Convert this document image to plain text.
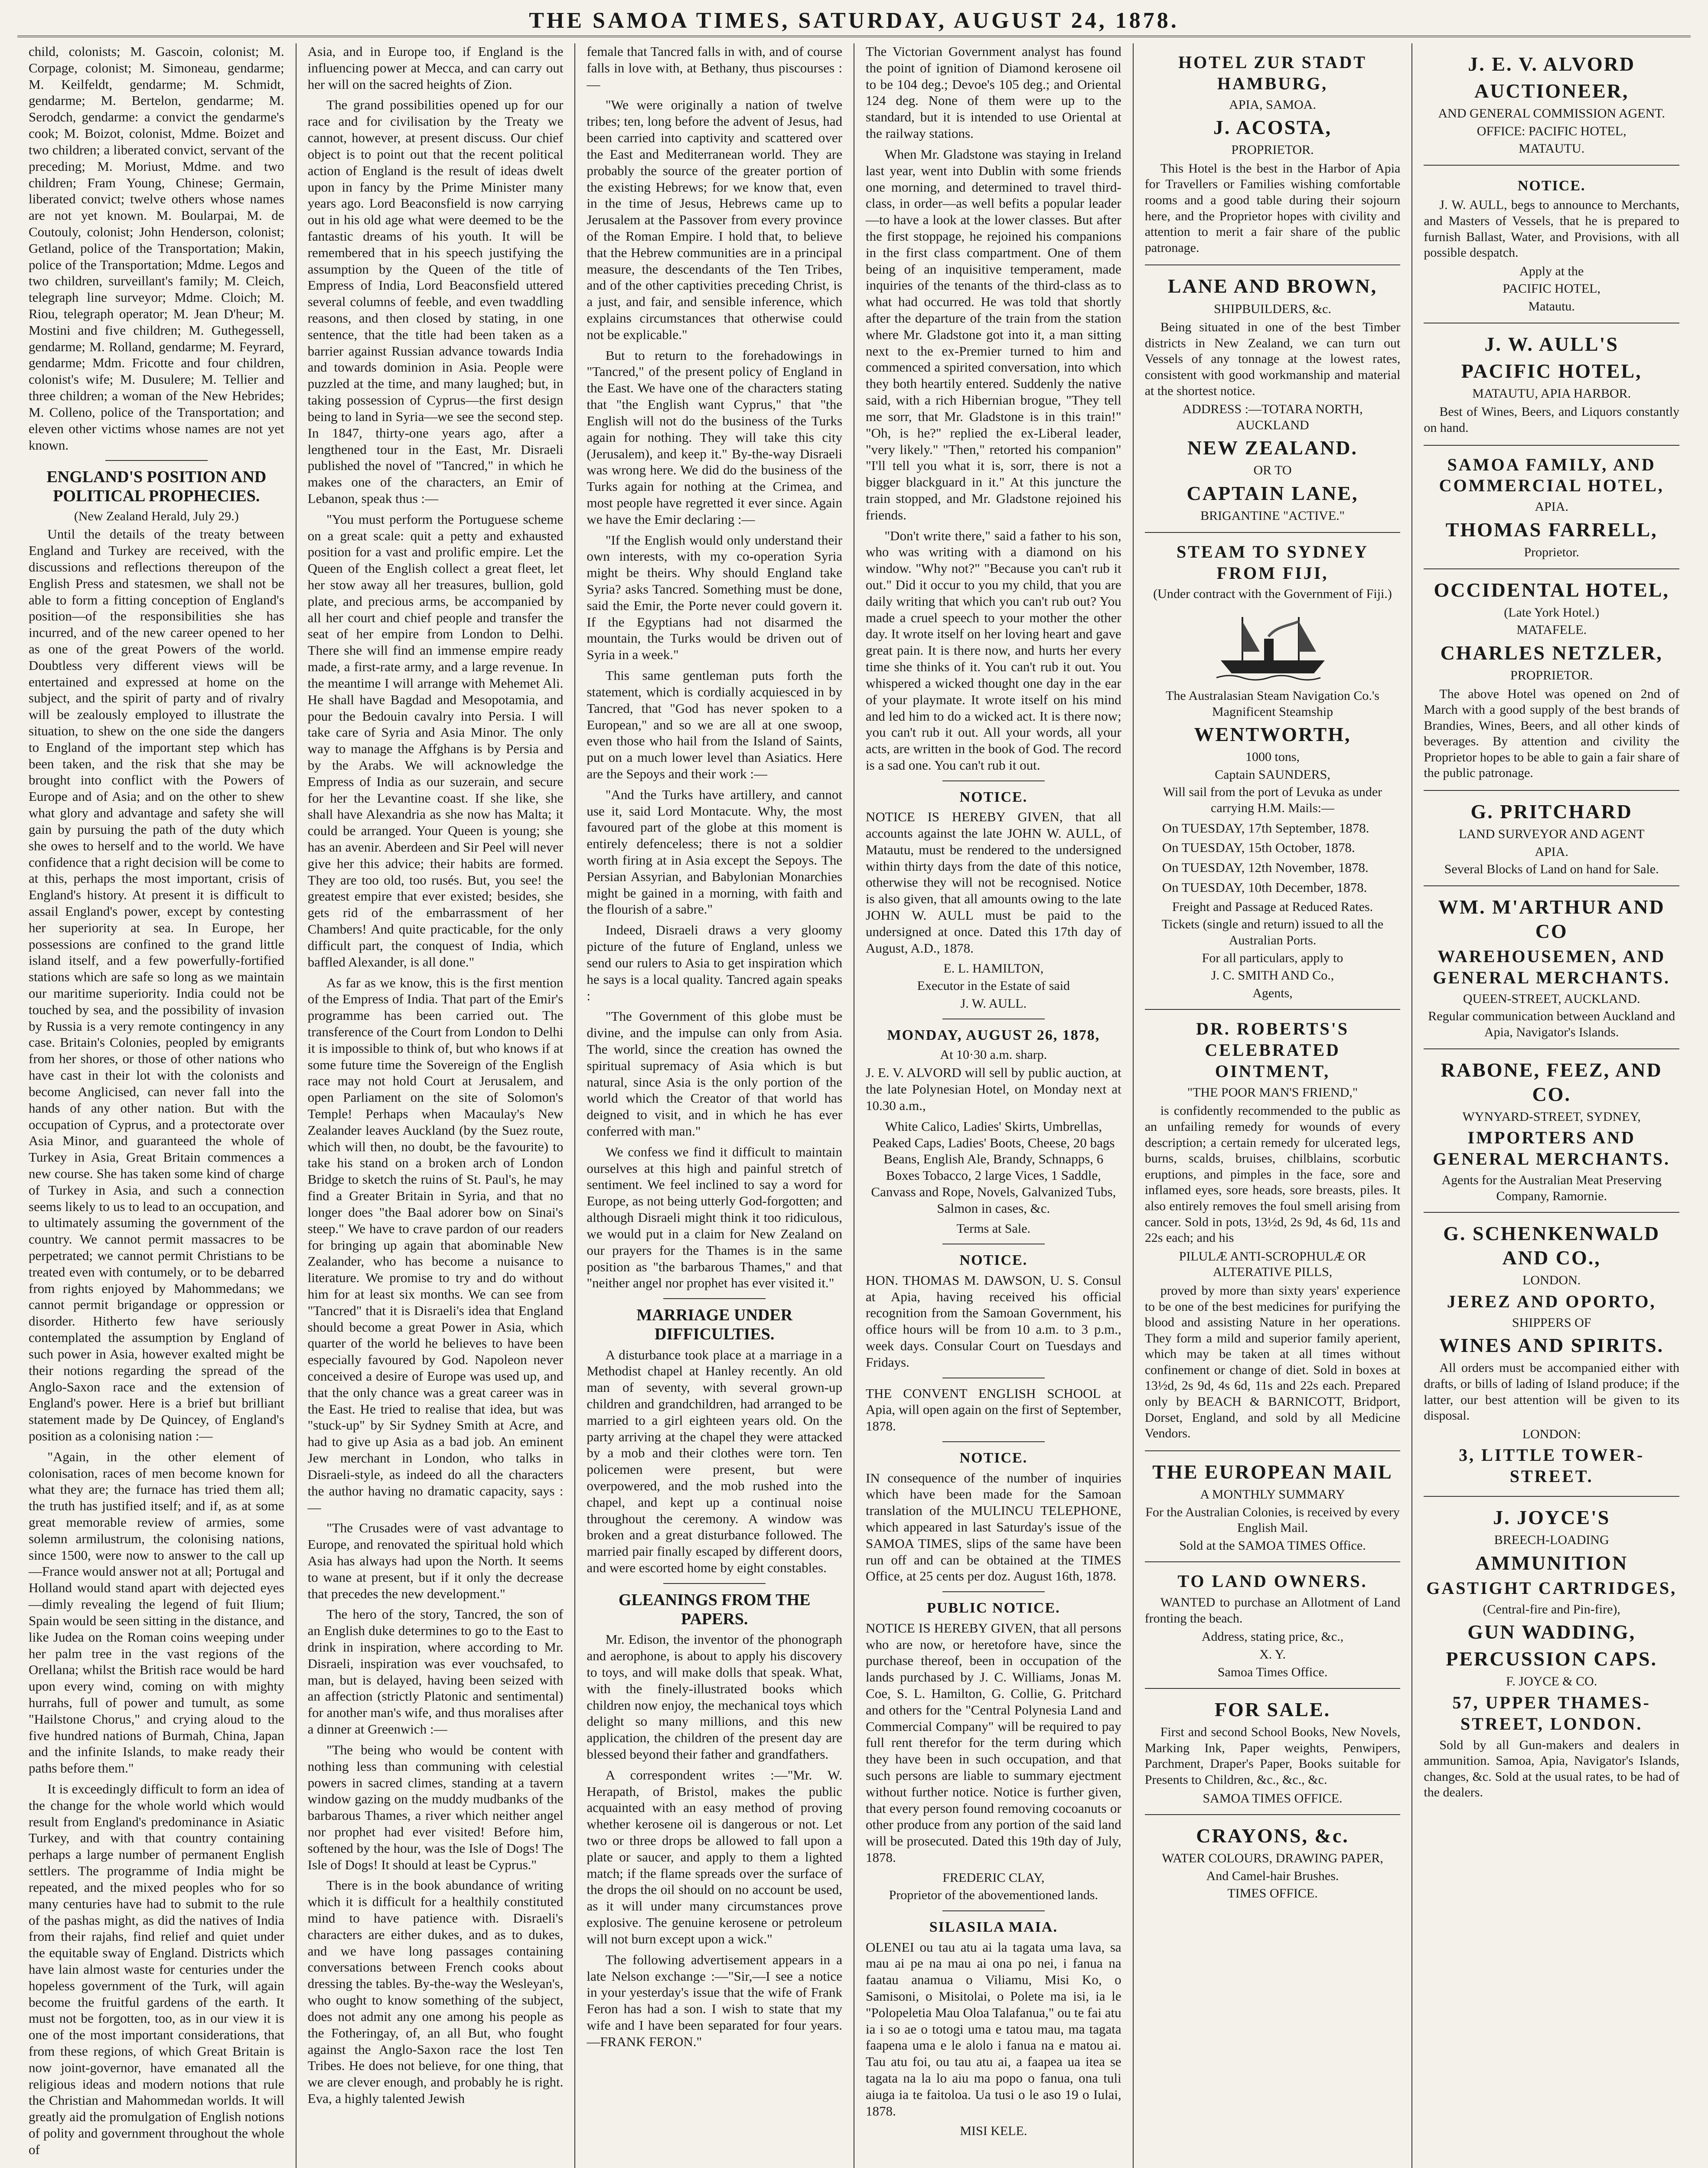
THE SAMOA TIMES, SATURDAY, AUGUST 24, 1878.

child, colonists; M. Gascoin, colonist; M. Corpage, colonist; M. Simoneau, gendarme; M. Keilfeldt, gendarme; M. Schmidt, gendarme; M. Bertelon, gendarme; M. Serodch, gendarme: a convict the gendarme's cook; M. Boizot, colonist, Mdme. Boizet and two children; a liberated convict, servant of the preceding; M. Moriust, Mdme. and two children; Fram Young, Chinese; Germain, liberated convict; twelve others whose names are not yet known. M. Boularpai, M. de Coutouly, colonist; John Henderson, colonist; Getland, police of the Transportation; Makin, police of the Transportation; Mdme. Legos and two children, surveillant's family; M. Cleich, telegraph line surveyor; Mdme. Cloich; M. Riou, telegraph operator; M. Jean D'heur; M. Mostini and five children; M. Guthegessell, gendarme; M. Rolland, gendarme; M. Feyrard, gendarme; Mdm. Fricotte and four children, colonist's wife; M. Dusulere; M. Tellier and three children; a woman of the New Hebrides; M. Colleno, police of the Transportation; and eleven other victims whose names are not yet known.

ENGLAND'S POSITION AND POLITICAL PROPHECIES.
(New Zealand Herald, July 29.)

Until the details of the treaty between England and Turkey are received, with the discussions and reflections thereupon of the English Press and statesmen, we shall not be able to form a fitting conception of England's position—of the responsibilities she has incurred, and of the new career opened to her as one of the great Powers of the world. Doubtless very different views will be entertained and expressed at home on the subject, and the spirit of party and of rivalry will be zealously employed to illustrate the situation, to shew on the one side the dangers to England of the important step which has been taken, and the risk that she may be brought into conflict with the Powers of Europe and of Asia; and on the other to shew what glory and advantage and safety she will gain by pursuing the path of the duty which she owes to herself and to the world. We have confidence that a right decision will be come to at this, perhaps the most important, crisis of England's history. At present it is difficult to assail England's power, except by contesting her superiority at sea. In Europe, her possessions are confined to the grand little island itself, and a few powerfully-fortified stations which are safe so long as we maintain our maritime superiority. India could not be touched by sea, and the possibility of invasion by Russia is a very remote contingency in any case. Britain's Colonies, peopled by emigrants from her shores, or those of other nations who have cast in their lot with the colonists and become Anglicised, can never fall into the hands of any other nation. But with the occupation of Cyprus, and a protectorate over Asia Minor, and guaranteed the whole of Turkey in Asia, Great Britain commences a new course. She has taken some kind of charge of Turkey in Asia, and such a connection seems likely to us to lead to an occupation, and to ultimately assuming the government of the country. We cannot permit massacres to be perpetrated; we cannot permit Christians to be treated even with contumely, or to be debarred from rights enjoyed by Mahommedans; we cannot permit brigandage or oppression or disorder. Hitherto few have seriously contemplated the assumption by England of such power in Asia, however exalted might be their notions regarding the spread of the Anglo-Saxon race and the extension of England's power. Here is a brief but brilliant statement made by De Quincey, of England's position as a colonising nation :—

"Again, in the other element of colonisation, races of men become known for what they are; the furnace has tried them all; the truth has justified itself; and if, as at some great memorable review of armies, some solemn armilustrum, the colonising nations, since 1500, were now to answer to the call up—France would answer not at all; Portugal and Holland would stand apart with dejected eyes—dimly revealing the legend of fuit Ilium; Spain would be seen sitting in the distance, and like Judea on the Roman coins weeping under her palm tree in the vast regions of the Orellana; whilst the British race would be hard upon every wind, coming on with mighty hurrahs, full of power and tumult, as some "Hailstone Chorus," and crying aloud to the five hundred nations of Burmah, China, Japan and the infinite Islands, to make ready their paths before them."

It is exceedingly difficult to form an idea of the change for the whole world which would result from England's predominance in Asiatic Turkey, and with that country containing perhaps a large number of permanent English settlers. The programme of India might be repeated, and the mixed peoples who for so many centuries have had to submit to the rule of the pashas might, as did the natives of India from their rajahs, find relief and quiet under the equitable sway of England. Districts which have lain almost waste for centuries under the hopeless government of the Turk, will again become the fruitful gardens of the earth. It must not be forgotten, too, as in our view it is one of the most important considerations, that from these regions, of which Great Britain is now joint-governor, have emanated all the religious ideas and modern notions that rule the Christian and Mahommedan worlds. It will greatly aid the promulgation of English notions of polity and government throughout the whole of

Asia, and in Europe too, if England is the influencing power at Mecca, and can carry out her will on the sacred heights of Zion.

The grand possibilities opened up for our race and for civilisation by the Treaty we cannot, however, at present discuss. Our chief object is to point out that the recent political action of England is the result of ideas dwelt upon in fancy by the Prime Minister many years ago. Lord Beaconsfield is now carrying out in his old age what were deemed to be the fantastic dreams of his youth. It will be remembered that in his speech justifying the assumption by the Queen of the title of Empress of India, Lord Beaconsfield uttered several columns of feeble, and even twaddling reasons, and then closed by stating, in one sentence, that the title had been taken as a barrier against Russian advance towards India and towards dominion in Asia. People were puzzled at the time, and many laughed; but, in taking possession of Cyprus—the first design being to land in Syria—we see the second step. In 1847, thirty-one years ago, after a lengthened tour in the East, Mr. Disraeli published the novel of "Tancred," in which he makes one of the characters, an Emir of Lebanon, speak thus :—

"You must perform the Portuguese scheme on a great scale: quit a petty and exhausted position for a vast and prolific empire. Let the Queen of the English collect a great fleet, let her stow away all her treasures, bullion, gold plate, and precious arms, be accompanied by all her court and chief people and transfer the seat of her empire from London to Delhi. There she will find an immense empire ready made, a first-rate army, and a large revenue. In the meantime I will arrange with Mehemet Ali. He shall have Bagdad and Mesopotamia, and pour the Bedouin cavalry into Persia. I will take care of Syria and Asia Minor. The only way to manage the Affghans is by Persia and by the Arabs. We will acknowledge the Empress of India as our suzerain, and secure for her the Levantine coast. If she like, she shall have Alexandria as she now has Malta; it could be arranged. Your Queen is young; she has an avenir. Aberdeen and Sir Peel will never give her this advice; their habits are formed. They are too old, too rusés. But, you see! the greatest empire that ever existed; besides, she gets rid of the embarrassment of her Chambers! And quite practicable, for the only difficult part, the conquest of India, which baffled Alexander, is all done."

As far as we know, this is the first mention of the Empress of India. That part of the Emir's programme has been carried out. The transference of the Court from London to Delhi it is impossible to think of, but who knows if at some future time the Sovereign of the English race may not hold Court at Jerusalem, and open Parliament on the site of Solomon's Temple! Perhaps when Macaulay's New Zealander leaves Auckland (by the Suez route, which will then, no doubt, be the favourite) to take his stand on a broken arch of London Bridge to sketch the ruins of St. Paul's, he may find a Greater Britain in Syria, and that no longer does "the Baal adorer bow on Sinai's steep." We have to crave pardon of our readers for bringing up again that abominable New Zealander, who has become a nuisance to literature. We promise to try and do without him for at least six months. We can see from "Tancred" that it is Disraeli's idea that England should become a great Power in Asia, which quarter of the world he believes to have been especially favoured by God. Napoleon never conceived a desire of Europe was used up, and that the only chance was a great career was in the East. He tried to realise that idea, but was "stuck-up" by Sir Sydney Smith at Acre, and had to give up Asia as a bad job. An eminent Jew merchant in London, who talks in Disraeli-style, as indeed do all the characters the author having no dramatic capacity, says :—

"The Crusades were of vast advantage to Europe, and renovated the spiritual hold which Asia has always had upon the North. It seems to wane at present, but if it only the decrease that precedes the new development."

The hero of the story, Tancred, the son of an English duke determines to go to the East to drink in inspiration, where according to Mr. Disraeli, inspiration was ever vouchsafed, to man, but is delayed, having been seized with an affection (strictly Platonic and sentimental) for another man's wife, and thus moralises after a dinner at Greenwich :—

"The being who would be content with nothing less than communing with celestial powers in sacred climes, standing at a tavern window gazing on the muddy mudbanks of the barbarous Thames, a river which neither angel nor prophet had ever visited! Before him, softened by the hour, was the Isle of Dogs! The Isle of Dogs! It should at least be Cyprus."

There is in the book abundance of writing which it is difficult for a healthily constituted mind to have patience with. Disraeli's characters are either dukes, and as to dukes, and we have long passages containing conversations between French cooks about dressing the tables. By-the-way the Wesleyan's, who ought to know something of the subject, does not admit any one among his people as the Fotheringay, of, an all But, who fought against the Anglo-Saxon race the lost Ten Tribes. He does not believe, for one thing, that we are clever enough, and probably he is right. Eva, a highly talented Jewish

female that Tancred falls in with, and of course falls in love with, at Bethany, thus piscourses :—

"We were originally a nation of twelve tribes; ten, long before the advent of Jesus, had been carried into captivity and scattered over the East and Mediterranean world. They are probably the source of the greater portion of the existing Hebrews; for we know that, even in the time of Jesus, Hebrews came up to Jerusalem at the Passover from every province of the Roman Empire. I hold that, to believe that the Hebrew communities are in a principal measure, the descendants of the Ten Tribes, and of the other captivities preceding Christ, is a just, and fair, and sensible inference, which explains circumstances that otherwise could not be explicable."

But to return to the forehadowings in "Tancred," of the present policy of England in the East. We have one of the characters stating that "the English want Cyprus," that "the English will not do the business of the Turks again for nothing. They will take this city (Jerusalem), and keep it." By-the-way Disraeli was wrong here. We did do the business of the Turks again for nothing at the Crimea, and most people have regretted it ever since. Again we have the Emir declaring :—

"If the English would only understand their own interests, with my co-operation Syria might be theirs. Why should England take Syria? asks Tancred. Something must be done, said the Emir, the Porte never could govern it. If the Egyptians had not disarmed the mountain, the Turks would be driven out of Syria in a week."

This same gentleman puts forth the statement, which is cordially acquiesced in by Tancred, that "God has never spoken to a European," and so we are all at one swoop, even those who hail from the Island of Saints, put on a much lower level than Asiatics. Here are the Sepoys and their work :—

"And the Turks have artillery, and cannot use it, said Lord Montacute. Why, the most favoured part of the globe at this moment is entirely defenceless; there is not a soldier worth firing at in Asia except the Sepoys. The Persian Assyrian, and Babylonian Monarchies might be gained in a morning, with faith and the flourish of a sabre."

Indeed, Disraeli draws a very gloomy picture of the future of England, unless we send our rulers to Asia to get inspiration which he says is a local quality. Tancred again speaks :

"The Government of this globe must be divine, and the impulse can only from Asia. The world, since the creation has owned the spiritual supremacy of Asia which is but natural, since Asia is the only portion of the world which the Creator of that world has deigned to visit, and in which he has ever conferred with man."

We confess we find it difficult to maintain ourselves at this high and painful stretch of sentiment. We feel inclined to say a word for Europe, as not being utterly God-forgotten; and although Disraeli might think it too ridiculous, we would put in a claim for New Zealand on our prayers for the Thames is in the same position as "the barbarous Thames," and that "neither angel nor prophet has ever visited it."

MARRIAGE UNDER DIFFICULTIES.

A disturbance took place at a marriage in a Methodist chapel at Hanley recently. An old man of seventy, with several grown-up children and grandchildren, had arranged to be married to a girl eighteen years old. On the party arriving at the chapel they were attacked by a mob and their clothes were torn. Ten policemen were present, but were overpowered, and the mob rushed into the chapel, and kept up a continual noise throughout the ceremony. A window was broken and a great disturbance followed. The married pair finally escaped by different doors, and were escorted home by eight constables.

GLEANINGS FROM THE PAPERS.

Mr. Edison, the inventor of the phonograph and aerophone, is about to apply his discovery to toys, and will make dolls that speak. What, with the finely-illustrated books which children now enjoy, the mechanical toys which delight so many millions, and this new application, the children of the present day are blessed beyond their father and grandfathers.

A correspondent writes :—"Mr. W. Herapath, of Bristol, makes the public acquainted with an easy method of proving whether kerosene oil is dangerous or not. Let two or three drops be allowed to fall upon a plate or saucer, and apply to them a lighted match; if the flame spreads over the surface of the drops the oil should on no account be used, as it will under many circumstances prove explosive. The genuine kerosene or petroleum will not burn except upon a wick."

The following advertisement appears in a late Nelson exchange :—"Sir,—I see a notice in your yesterday's issue that the wife of Frank Feron has had a son. I wish to state that my wife and I have been separated for four years.—FRANK FERON."

The Victorian Government analyst has found the point of ignition of Diamond kerosene oil to be 104 deg.; Devoe's 105 deg.; and Oriental 124 deg. None of them were up to the standard, but it is intended to use Oriental at the railway stations.

When Mr. Gladstone was staying in Ireland last year, went into Dublin with some friends one morning, and determined to travel third-class, in order—as well befits a popular leader—to have a look at the lower classes. But after the first stoppage, he rejoined his companions in the first class compartment. One of them being of an inquisitive temperament, made inquiries of the tenants of the third-class as to what had occurred. He was told that shortly after the departure of the train from the station where Mr. Gladstone got into it, a man sitting next to the ex-Premier turned to him and commenced a spirited conversation, into which they both heartily entered. Suddenly the native said, with a rich Hibernian brogue, "They tell me sorr, that Mr. Gladstone is in this train!" "Oh, is he?" replied the ex-Liberal leader, "very likely." "Then," retorted his companion" "I'll tell you what it is, sorr, there is not a bigger blackguard in it." At this juncture the train stopped, and Mr. Gladstone rejoined his friends.

"Don't write there," said a father to his son, who was writing with a diamond on his window. "Why not?" "Because you can't rub it out." Did it occur to you my child, that you are daily writing that which you can't rub out? You made a cruel speech to your mother the other day. It wrote itself on her loving heart and gave great pain. It is there now, and hurts her every time she thinks of it. You can't rub it out. You whispered a wicked thought one day in the ear of your playmate. It wrote itself on his mind and led him to do a wicked act. It is there now; you can't rub it out. All your words, all your acts, are written in the book of God. The record is a sad one. You can't rub it out.

NOTICE.

NOTICE IS HEREBY GIVEN, that all accounts against the late JOHN W. AULL, of Matautu, must be rendered to the undersigned within thirty days from the date of this notice, otherwise they will not be recognised. Notice is also given, that all amounts owing to the late JOHN W. AULL must be paid to the undersigned at once. Dated this 17th day of August, A.D., 1878.

E. L. HAMILTON,
Executor in the Estate of said
J. W. AULL.
MONDAY, AUGUST 26, 1878,
At 10·30 a.m. sharp.

J. E. V. ALVORD will sell by public auction, at the late Polynesian Hotel, on Monday next at 10.30 a.m.,

White Calico, Ladies' Skirts, Umbrellas, Peaked Caps, Ladies' Boots, Cheese, 20 bags Beans, English Ale, Brandy, Schnapps, 6 Boxes Tobacco, 2 large Vices, 1 Saddle, Canvass and Rope, Novels, Galvanized Tubs, Salmon in cases, &c.

Terms at Sale.
NOTICE.

HON. THOMAS M. DAWSON, U. S. Consul at Apia, having received his official recognition from the Samoan Government, his office hours will be from 10 a.m. to 3 p.m., week days. Consular Court on Tuesdays and Fridays.

THE CONVENT ENGLISH SCHOOL at Apia, will open again on the first of September, 1878.

NOTICE.

IN consequence of the number of inquiries which have been made for the Samoan translation of the MULINCU TELEPHONE, which appeared in last Saturday's issue of the SAMOA TIMES, slips of the same have been run off and can be obtained at the TIMES Office, at 25 cents per doz. August 16th, 1878.

PUBLIC NOTICE.

NOTICE IS HEREBY GIVEN, that all persons who are now, or heretofore have, since the purchase thereof, been in occupation of the lands purchased by J. C. Williams, Jonas M. Coe, S. L. Hamilton, G. Collie, G. Pritchard and others for the "Central Polynesia Land and Commercial Company" will be required to pay full rent therefor for the term during which they have been in such occupation, and that such persons are liable to summary ejectment without further notice. Notice is further given, that every person found removing cocoanuts or other produce from any portion of the said land will be prosecuted. Dated this 19th day of July, 1878.

FREDERIC CLAY,
Proprietor of the abovementioned lands.
SILASILA MAIA.

OLENEI ou tau atu ai la tagata uma lava, sa mau ai pe na mau ai ona po nei, i fanua na faatau anamua o Viliamu, Misi Ko, o Samisoni, o Misitolai, o Polete ma isi, ia le "Polopeletia Mau Oloa Talafanua," ou te fai atu ia i so ae o totogi uma e tatou mau, ma tagata faapena uma e le alolo i fanua na e matou ai. Tau atu foi, ou tau atu ai, a faapea ua itea se tagata na la lo aiu ma popo o fanua, ona tuli aiuga ia te faitoloa. Ua tusi o le aso 19 o Iulai, 1878.

MISI KELE.
HOTEL ZUR STADT HAMBURG,
APIA, SAMOA.
J. ACOSTA,
PROPRIETOR.
This Hotel is the best in the Harbor of Apia for Travellers or Families wishing comfortable rooms and a good table during their sojourn here, and the Proprietor hopes with civility and attention to merit a fair share of the public patronage.
LANE AND BROWN,
SHIPBUILDERS, &c.
Being situated in one of the best Timber districts in New Zealand, we can turn out Vessels of any tonnage at the lowest rates, consistent with good workmanship and material at the shortest notice.
ADDRESS :—TOTARA NORTH, AUCKLAND
NEW ZEALAND.
OR TO
CAPTAIN LANE,
BRIGANTINE "ACTIVE."
STEAM TO SYDNEY FROM FIJI,
(Under contract with the Government of Fiji.)
The Australasian Steam Navigation Co.'s Magnificent Steamship
WENTWORTH,
1000 tons,
Captain SAUNDERS,
Will sail from the port of Levuka as under carrying H.M. Mails:—

On TUESDAY, 17th September, 1878.

On TUESDAY, 15th October, 1878.

On TUESDAY, 12th November, 1878.

On TUESDAY, 10th December, 1878.

Freight and Passage at Reduced Rates.
Tickets (single and return) issued to all the Australian Ports.
For all particulars, apply to
J. C. SMITH AND Co.,
Agents,
DR. ROBERTS'S CELEBRATED OINTMENT,
"THE POOR MAN'S FRIEND,"
is confidently recommended to the public as an unfailing remedy for wounds of every description; a certain remedy for ulcerated legs, burns, scalds, bruises, chilblains, scorbutic eruptions, and pimples in the face, sore and inflamed eyes, sore heads, sore breasts, piles. It also entirely removes the foul smell arising from cancer. Sold in pots, 13½d, 2s 9d, 4s 6d, 11s and 22s each; and his
PILULÆ ANTI-SCROPHULÆ OR ALTERATIVE PILLS,
proved by more than sixty years' experience to be one of the best medicines for purifying the blood and assisting Nature in her operations. They form a mild and superior family aperient, which may be taken at all times without confinement or change of diet. Sold in boxes at 13½d, 2s 9d, 4s 6d, 11s and 22s each. Prepared only by BEACH & BARNICOTT, Bridport, Dorset, England, and sold by all Medicine Vendors.
THE EUROPEAN MAIL
A MONTHLY SUMMARY
For the Australian Colonies, is received by every English Mail.
Sold at the SAMOA TIMES Office.
TO LAND OWNERS.
WANTED to purchase an Allotment of Land fronting the beach.
Address, stating price, &c.,
X. Y.
Samoa Times Office.
FOR SALE.
First and second School Books, New Novels, Marking Ink, Paper weights, Penwipers, Parchment, Draper's Paper, Books suitable for Presents to Children, &c., &c., &c.
SAMOA TIMES OFFICE.
CRAYONS, &c.
WATER COLOURS, DRAWING PAPER,
And Camel-hair Brushes.
TIMES OFFICE.
J. E. V. ALVORD
AUCTIONEER,
AND GENERAL COMMISSION AGENT.
OFFICE: PACIFIC HOTEL,
MATAUTU.
NOTICE.
J. W. AULL, begs to announce to Merchants, and Masters of Vessels, that he is prepared to furnish Ballast, Water, and Provisions, with all possible despatch.
Apply at the
PACIFIC HOTEL,
Matautu.
J. W. AULL'S
PACIFIC HOTEL,
MATAUTU, APIA HARBOR.
Best of Wines, Beers, and Liquors constantly on hand.
SAMOA FAMILY, AND COMMERCIAL HOTEL,
APIA.
THOMAS FARRELL,
Proprietor.
OCCIDENTAL HOTEL,
(Late York Hotel.)
MATAFELE.
CHARLES NETZLER,
PROPRIETOR.
The above Hotel was opened on 2nd of March with a good supply of the best brands of Brandies, Wines, Beers, and all other kinds of beverages. By attention and civility the Proprietor hopes to be able to gain a fair share of the public patronage.
G. PRITCHARD
LAND SURVEYOR AND AGENT
APIA.
Several Blocks of Land on hand for Sale.
WM. M'ARTHUR AND CO
WAREHOUSEMEN, AND GENERAL MERCHANTS.
QUEEN-STREET, AUCKLAND.
Regular communication between Auckland and Apia, Navigator's Islands.
RABONE, FEEZ, AND CO.
WYNYARD-STREET, SYDNEY,
IMPORTERS AND GENERAL MERCHANTS.
Agents for the Australian Meat Preserving Company, Ramornie.
G. SCHENKENWALD AND CO.,
LONDON.
JEREZ AND OPORTO,
SHIPPERS OF
WINES AND SPIRITS.
All orders must be accompanied either with drafts, or bills of lading of Island produce; if the latter, our best attention will be given to its disposal.
LONDON:
3, LITTLE TOWER-STREET.
J. JOYCE'S
BREECH-LOADING
AMMUNITION
GASTIGHT CARTRIDGES,
(Central-fire and Pin-fire),
GUN WADDING,
PERCUSSION CAPS.
F. JOYCE & CO.
57, UPPER THAMES-STREET, LONDON.
Sold by all Gun-makers and dealers in ammunition. Samoa, Apia, Navigator's Islands, changes, &c. Sold at the usual rates, to be had of the dealers.
